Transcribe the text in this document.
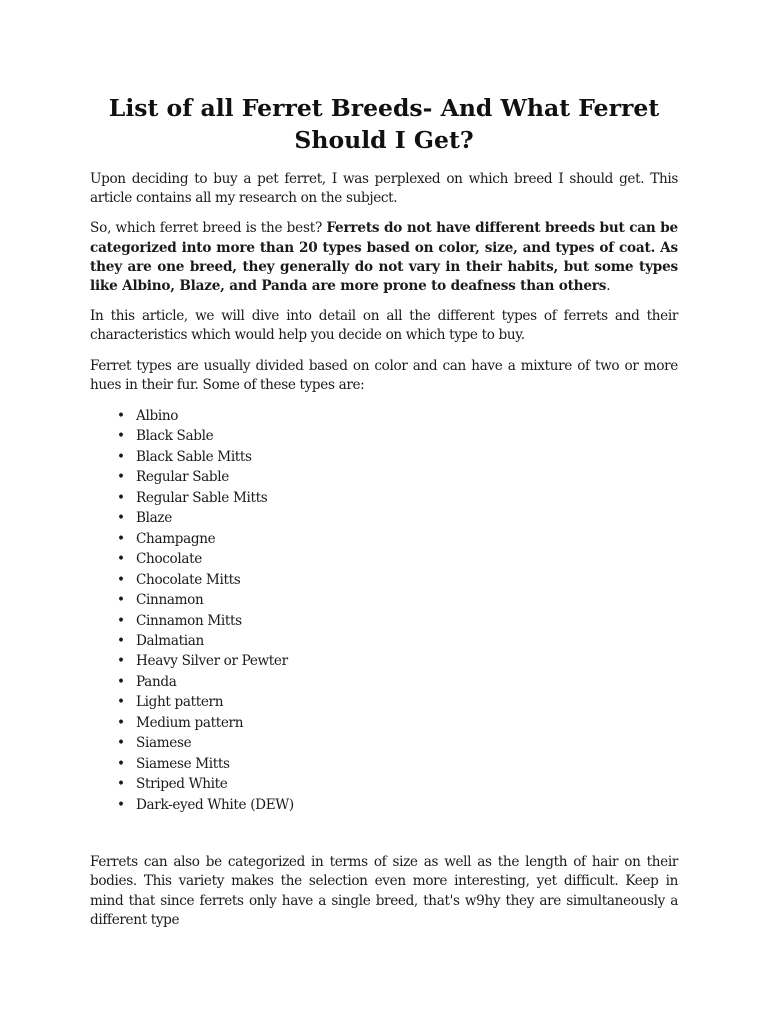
List of all Ferret Breeds- And What Ferret
Should I Get?

Upon deciding to buy a pet ferret, I was perplexed on which breed I should get. This article contains all my research on the subject.

So, which ferret breed is the best? Ferrets do not have different breeds but can be categorized into more than 20 types based on color, size, and types of coat. As they are one breed, they generally do not vary in their habits, but some types like Albino, Blaze, and Panda are more prone to deafness than others.

In this article, we will dive into detail on all the different types of ferrets and their characteristics which would help you decide on which type to buy.

Ferret types are usually divided based on color and can have a mixture of two or more hues in their fur. Some of these types are:

• Albino
• Black Sable
• Black Sable Mitts
• Regular Sable
• Regular Sable Mitts
• Blaze
• Champagne
• Chocolate
• Chocolate Mitts
• Cinnamon
• Cinnamon Mitts
• Dalmatian
• Heavy Silver or Pewter
• Panda
• Light pattern
• Medium pattern
• Siamese
• Siamese Mitts
• Striped White
• Dark-eyed White (DEW)

Ferrets can also be categorized in terms of size as well as the length of hair on their bodies. This variety makes the selection even more interesting, yet difficult. Keep in mind that since ferrets only have a single breed, that's w9hy they are simultaneously a different type
